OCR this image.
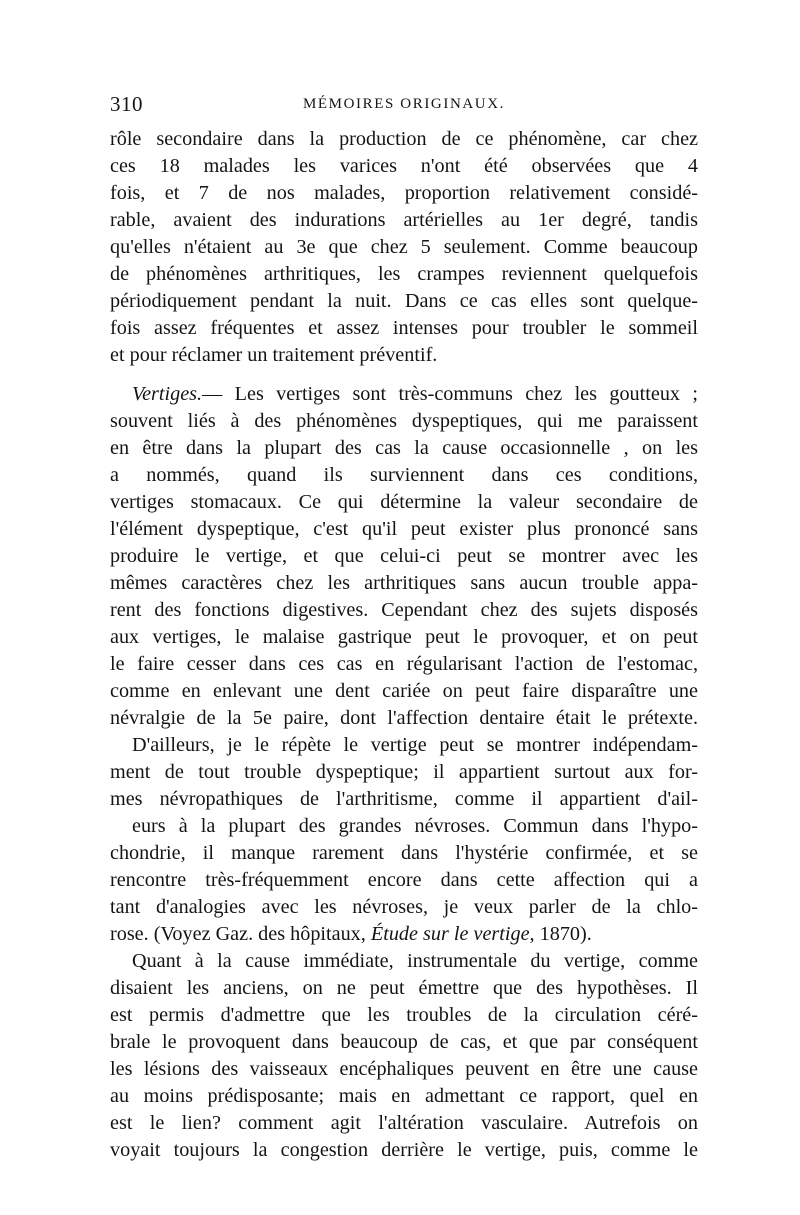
310	MÉMOIRES ORIGINAUX.
rôle secondaire dans la production de ce phénomène, car chez
ces 18 malades les varices n'ont été observées que 4
fois, et 7 de nos malades, proportion relativement considé-
rable, avaient des indurations artérielles au 1er degré, tandis
qu'elles n'étaient au 3e que chez 5 seulement. Comme beaucoup
de phénomènes arthritiques, les crampes reviennent quelquefois
périodiquement pendant la nuit. Dans ce cas elles sont quelque-
fois assez fréquentes et assez intenses pour troubler le sommeil
et pour réclamer un traitement préventif.
Vertiges.— Les vertiges sont très-communs chez les goutteux ;
souvent liés à des phénomènes dyspeptiques, qui me paraissent
en être dans la plupart des cas la cause occasionnelle , on les
a nommés, quand ils surviennent dans ces conditions,
vertiges stomacaux. Ce qui détermine la valeur secondaire de
l'élément dyspeptique, c'est qu'il peut exister plus prononcé sans
produire le vertige, et que celui-ci peut se montrer avec les
mêmes caractères chez les arthritiques sans aucun trouble appa-
rent des fonctions digestives. Cependant chez des sujets disposés
aux vertiges, le malaise gastrique peut le provoquer, et on peut
le faire cesser dans ces cas en régularisant l'action de l'estomac,
comme en enlevant une dent cariée on peut faire disparaître une
névralgie de la 5e paire, dont l'affection dentaire était le prétexte.
D'ailleurs, je le répète le vertige peut se montrer indépendam-
ment de tout trouble dyspeptique; il appartient surtout aux for-
mes névropathiques de l'arthritisme, comme il appartient d'ail-
eurs à la plupart des grandes névroses. Commun dans l'hypo-
chondrie, il manque rarement dans l'hystérie confirmée, et se
rencontre très-fréquemment encore dans cette affection qui a
tant d'analogies avec les névroses, je veux parler de la chlo-
rose. (Voyez Gaz. des hôpitaux, Étude sur le vertige, 1870).
Quant à la cause immédiate, instrumentale du vertige, comme
disaient les anciens, on ne peut émettre que des hypothèses. Il
est permis d'admettre que les troubles de la circulation céré-
brale le provoquent dans beaucoup de cas, et que par conséquent
les lésions des vaisseaux encéphaliques peuvent en être une cause
au moins prédisposante; mais en admettant ce rapport, quel en
est le lien? comment agit l'altération vasculaire. Autrefois on
voyait toujours la congestion derrière le vertige, puis, comme le
